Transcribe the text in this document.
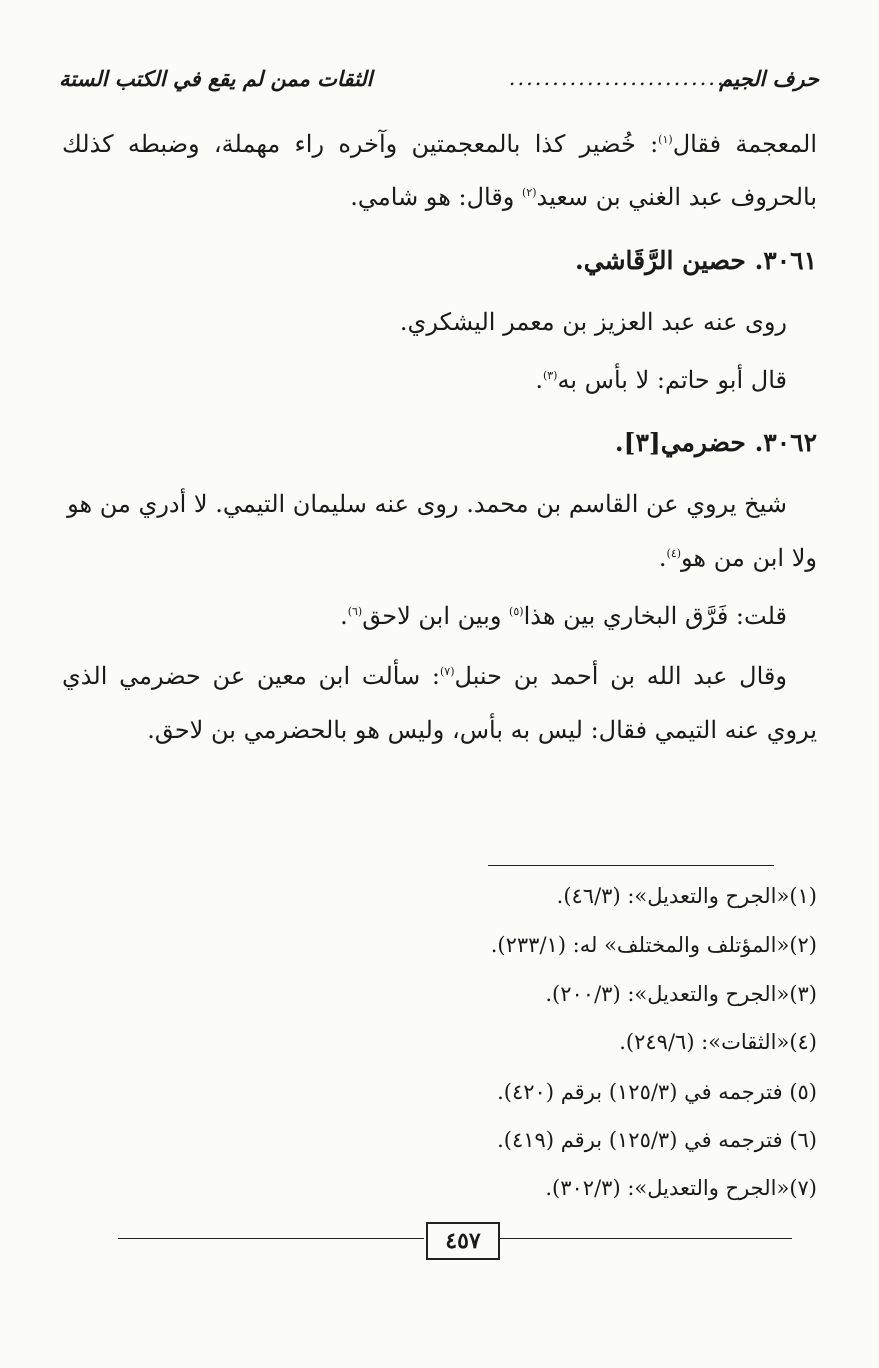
حرف الجيم
...........................
الثقات ممن لم يقع في الكتب الستة
المعجمة فقال$^{(١)}$: خُضير كذا بالمعجمتين وآخره راء مهملة، وضبطه كذلك
بالحروف عبد الغني بن سعيد$^{(٢)}$ وقال: هو شامي.
٣٠٦١. حصين الرَّقَاشي.
روى عنه عبد العزيز بن معمر اليشكري.
قال أبو حاتم: لا بأس به$^{(٣)}$.
٣٠٦٢. حضرمي[٣].
شيخ يروي عن القاسم بن محمد. روى عنه سليمان التيمي. لا أدري من هو
ولا ابن من هو$^{(٤)}$.
قلت: فَرَّق البخاري بين هذا$^{(٥)}$ وبين ابن لاحق$^{(٦)}$.
وقال عبد الله بن أحمد بن حنبل$^{(٧)}$: سألت ابن معين عن حضرمي الذي
يروي عنه التيمي فقال: ليس به بأس، وليس هو بالحضرمي بن لاحق.
(١)«الجرح والتعديل»: (٤٦/٣).
(٢)«المؤتلف والمختلف» له: (٢٣٣/١).
(٣)«الجرح والتعديل»: (٢٠٠/٣).
(٤)«الثقات»: (٢٤٩/٦).
(٥) فترجمه في (١٢٥/٣) برقم (٤٢٠).
(٦) فترجمه في (١٢٥/٣) برقم (٤١٩).
(٧)«الجرح والتعديل»: (٣٠٢/٣).
٤٥٧
